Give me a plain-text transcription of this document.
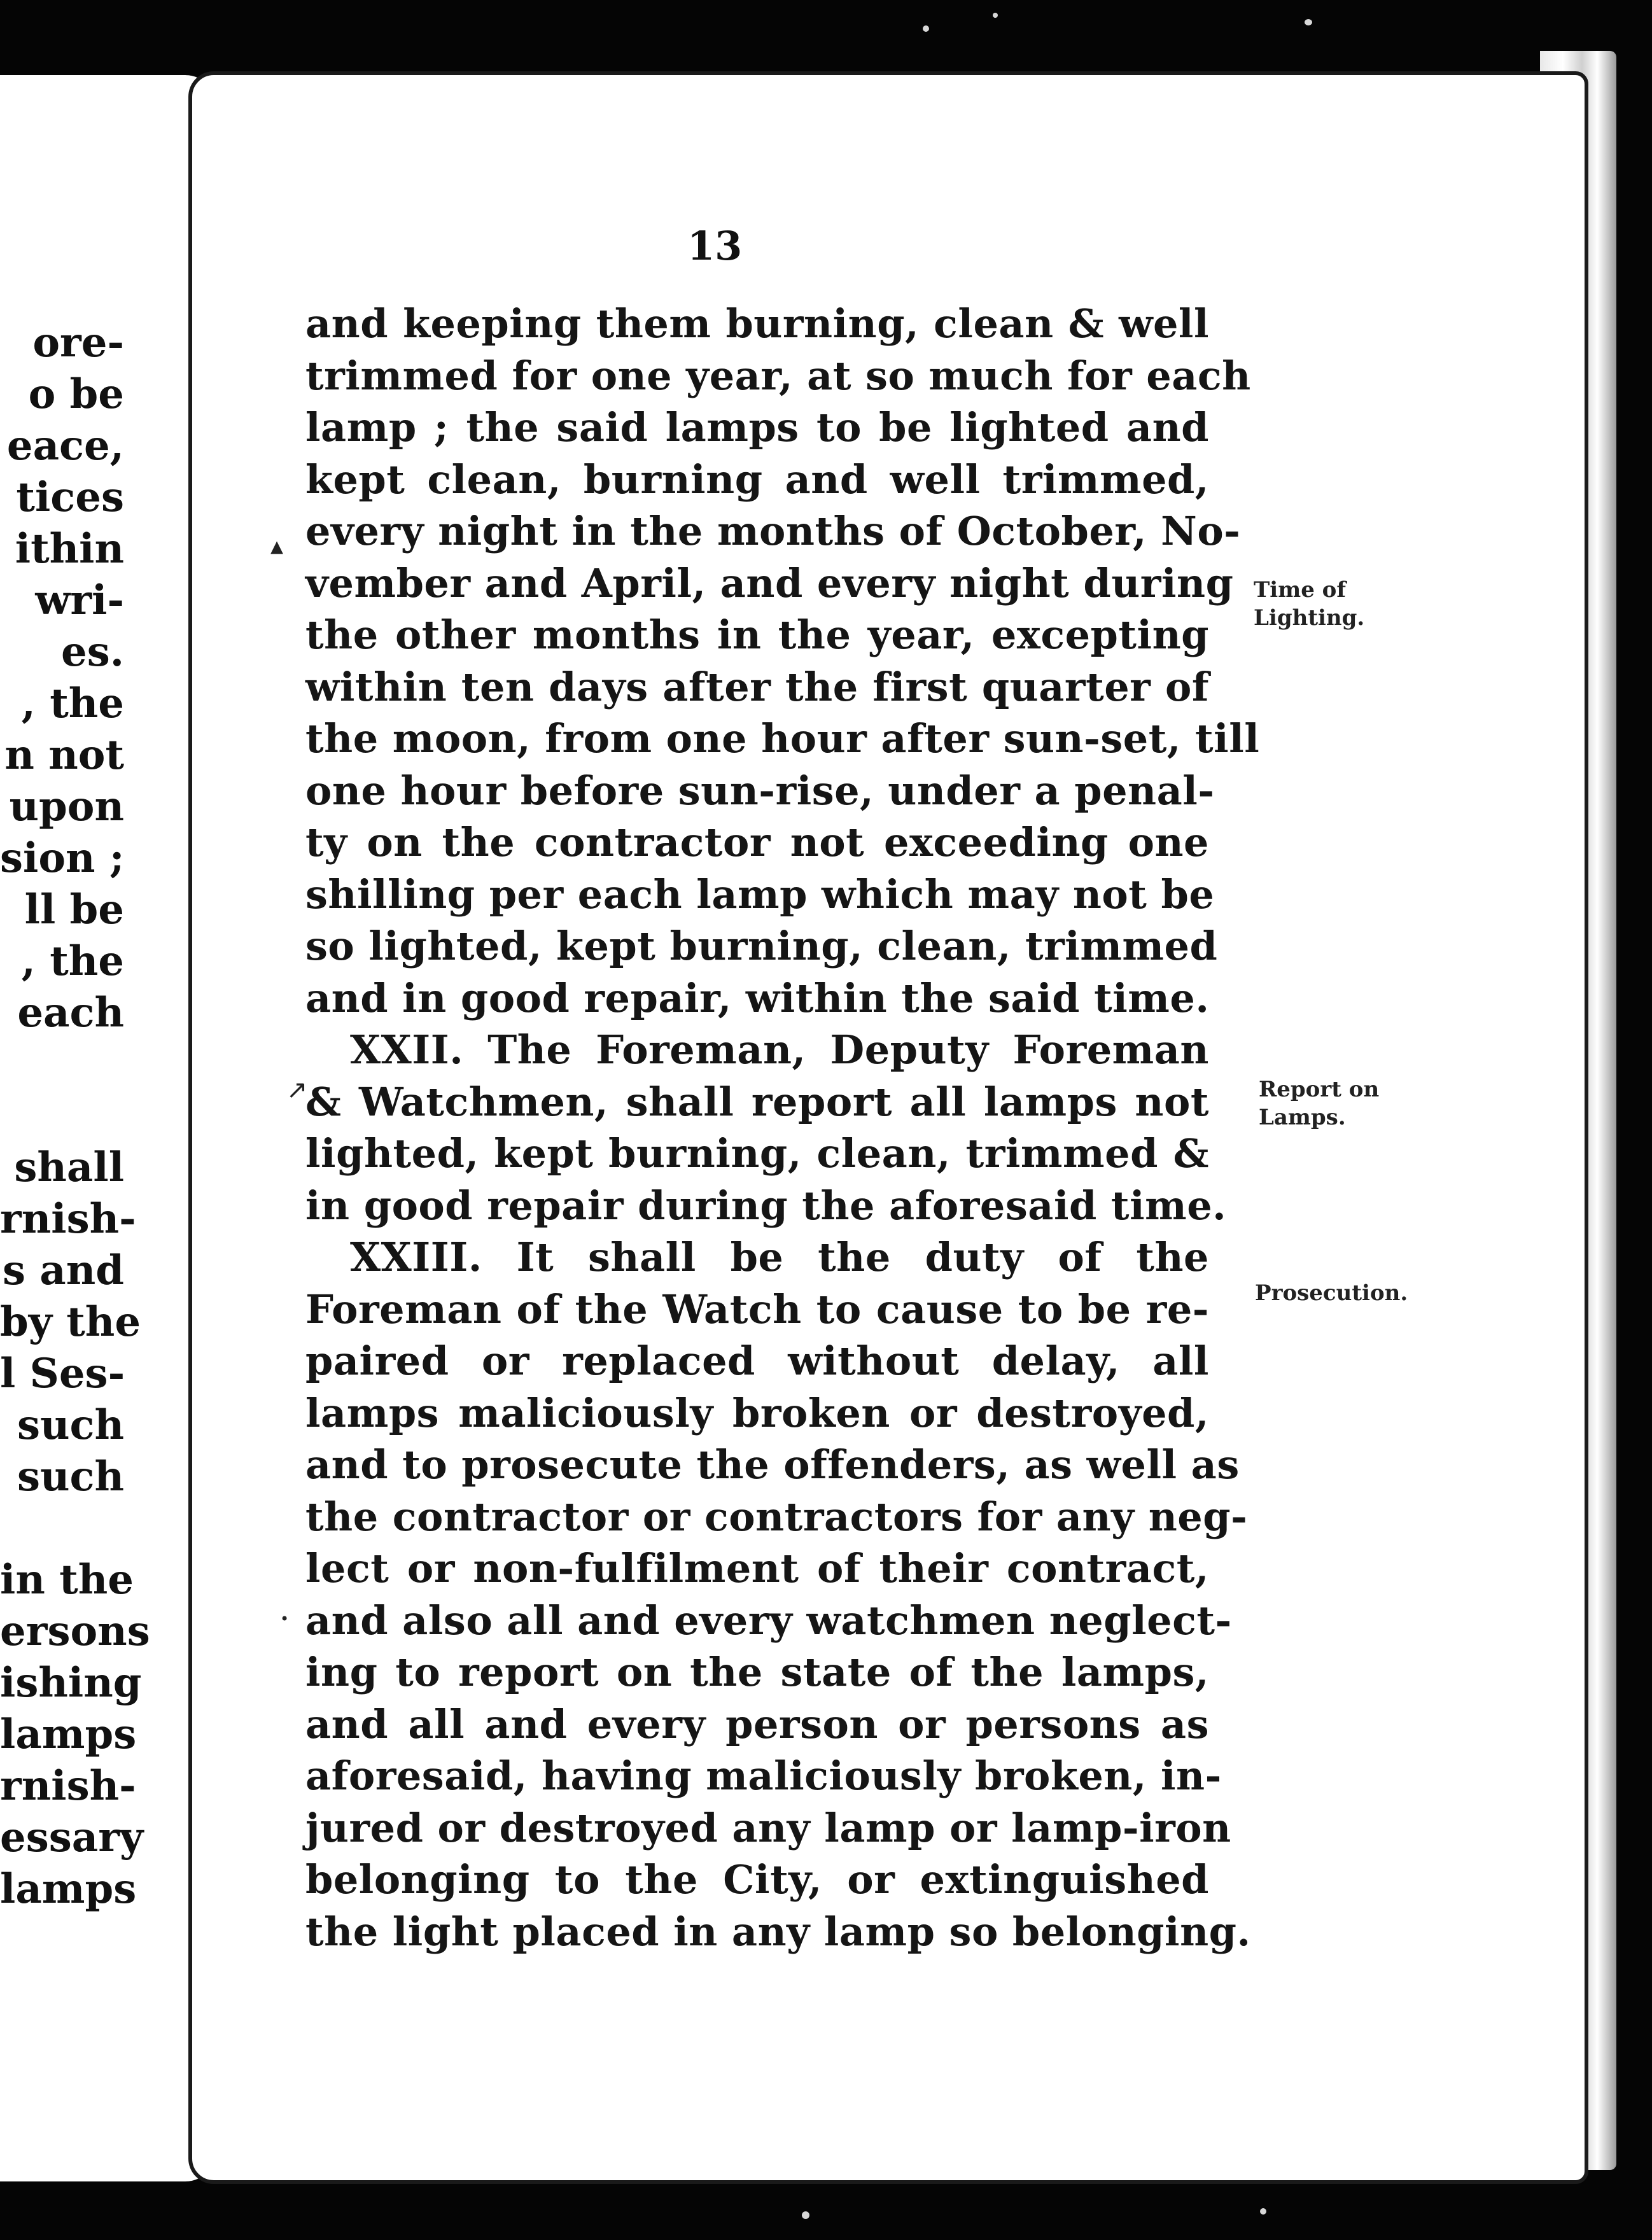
ore-
o be
eace,
tices
ithin
wri-
es.
, the
n not
upon
sion ;
ll be
, the
each
shall
rnish-
s and
by the
l Ses-
such
such
in the
ersons
ishing
lamps
rnish-
essary
lamps
13
and keeping them burning, clean & well
trimmed for one year, at so much for each
lamp ; the said lamps to be lighted and
kept clean, burning and well trimmed,
every night in the months of October, No-
vember and April, and every night during
the other months in the year, excepting
within ten days after the first quarter of
the moon, from one hour after sun-set, till
one hour before sun-rise, under a penal-
ty on the contractor not exceeding one
shilling per each lamp which may not be
so lighted, kept burning, clean, trimmed
and in good repair, within the said time.
XXII. The Foreman, Deputy Foreman
& Watchmen, shall report all lamps not
lighted, kept burning, clean, trimmed &
in good repair during the aforesaid time.
XXIII. It shall be the duty of the
Foreman of the Watch to cause to be re-
paired or replaced without delay, all
lamps maliciously broken or destroyed,
and to prosecute the offenders, as well as
the contractor or contractors for any neg-
lect or non-fulfilment of their contract,
and also all and every watchmen neglect-
ing to report on the state of the lamps,
and all and every person or persons as
aforesaid, having maliciously broken, in-
jured or destroyed any lamp or lamp-iron
belonging to the City, or extinguished
the light placed in any lamp so belonging.
Time of
Lighting.
Report on
Lamps.
Prosecution.
▴
↗
•
